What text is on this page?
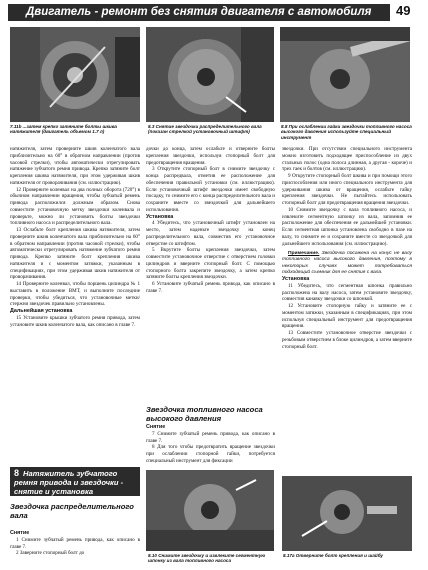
Двигатель - ремонт без снятия двигателя с автомобиля	49
7.11b ...затем крепко затяните болты шкива натяжителя (двигатель объемом 1.7 л)
8.3 Снятие звездочки распределительного вала (показан стрелкой установочный штифт)
8.8 При ослаблении гайки звездочки топливного насоса высокого давления используйте специальный инструмент

натяжителя, затем проверните шкив коленчатого вала приблизительно на 60° в обратном направлении (против часовой стрелки), чтобы автоматически отрегулировать натяжение зубчатого ремня привода. Крепко затяните болт крепления шкива натяжителя, при этом удерживая шкив натяжителя от проворачивания (см. иллюстрацию).

12 Проверните коленвал на два полных оборота (720°) в обычном направлении вращения, чтобы зубчатый ремень привода расположился должным образом. Снова совместите установочную метку звездочки коленвала и проверьте, можно ли установить болты звездочки топливного насоса и распределительного вала.

13 Ослабьте болт крепления шкива натяжителя, затем проверните шкив коленчатого вала приблизительно на 60° в обратном направлении (против часовой стрелки), чтобы автоматически отрегулировать натяжение зубчатого ремня привода. Крепко затяните болт крепления шкива натяжителя и с моментом затяжки, указанным в спецификациях, при этом удерживая шкив натяжителя от проворачивания.

14 Проверните коленвал, чтобы поршень цилиндра № 1 выставить в положение ВМТ, и выполните последние проверки, чтобы убедиться, что установочные метки/стержни звездочек правильно установлены.

Дальнейшая установка

15 Установите крышки зубчатого ремня привода, затем установите шкив коленчатого вала, как описано в главе 7.

8 Натяжитель зубчатого ремня привода и звездочки - снятие и установка
Звездочка распределительного вала

Снятие

1 Снимите зубчатый ремень привода, как описано в главе 7.

2 Заверните стопорный болт до

дочки до конца, затем ослабьте и отверните болты крепления звездочки, используя стопорный болт для предотвращения вращения.

3 Открутите стопорный болт в снимите звездочку с конца распредвала, отметив ее расположение для обеспечения правильной установки (см. иллюстрацию). Если установочный штифт звездочки имеет свободную посадку, то снимите его с конца распределительного вала и сохраните вместе со звездочкой для дальнейшего использования.

Установка

4 Убедитесь, что установочный штифт установлен на место, затем наденьте звездочку на конец распределительного вала, совместив его установочное отверстие со штифтом.

5 Вкрутите болты крепления звездочки, затем совместите установочное отверстие с отверстием головки цилиндров и вверните стопорный болт. С помощью стопорного болта закрепите звездочку, а затем крепко затяните болты крепления звездочки.

6 Установите зубчатый ремень привода, как описано в главе 7.

Звездочка топливного насоса высокого давления

Снятие

7 Снимите зубчатый ремень привода, как описано в главе 7.

8 Для того чтобы предотвратить вращение звездочки при ослаблении стопорной гайки, потребуется специальный инструмент для фиксации

8.10 Снимите звездочку и извлеките сегментную шпонку из вала топливного насоса

звездочки. При отсутствии специального инструмента можно изготовить подходящее приспособление из двух стальных полос (одна полоса длинная, а другая - короче) и трех гаек и болтов (см. иллюстрацию).

9 Открутите стопорный болт шкива и при помощи этого приспособления или иного специального инструмента для удерживания шкива от вращения, ослабьте гайку крепления звездочки. Не пытайтесь использовать стопорный болт для предотвращения вращения звездочки.

10 Снимите звездочку с вала топливного насоса, и извлеките сегментную шпонку из вала, запомнив ее расположение для обеспечения ее дальнейшей установки. Если сегментная шпонка установлена свободно в пазе на валу, то снимите ее и сохраните вместе со звездочкой для дальнейшего использования (см. иллюстрацию).

Примечание. Звездочка посажена на конус не валу топливного насоса высокого давления, поэтому в некоторых случаях может потребоваться подходящий съемник для ее снятия с вала.

Установка

11 Убедитесь, что сегментная шпонка правильно расположена на валу насоса, затем установите звездочку, совместив канавку звездочки со шпонкой.

12 Установите стопорную гайку и затяните ее с моментом затяжки, указанным в спецификациях, при этом используя специальный инструмент для предотвращения вращения.

13 Совместите установочное отверстие звездочки с резьбовым отверстием в блоке цилиндров, а затем вверните стопорный болт.

8.17а Отверните болт крепления и шайбу
